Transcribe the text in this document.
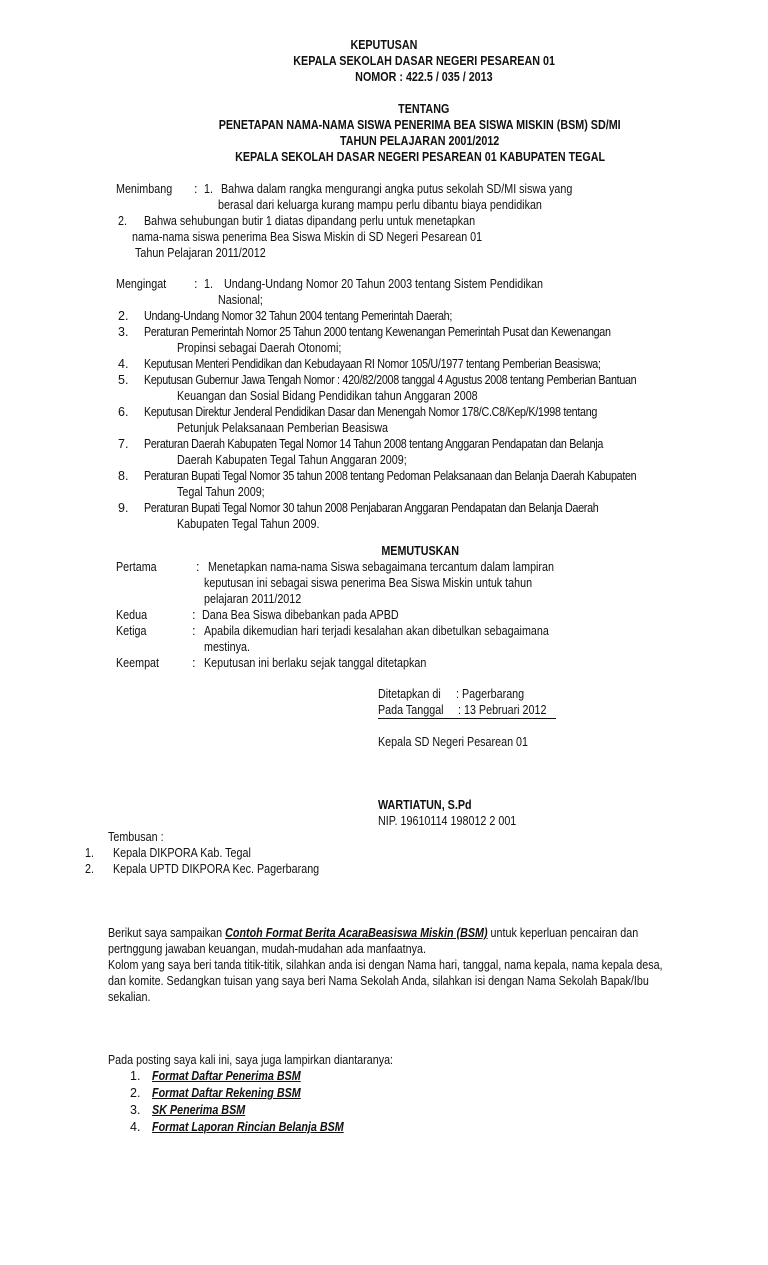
KEPUTUSAN
KEPALA SEKOLAH DASAR NEGERI PESAREAN 01
NOMOR : 422.5 / 035 / 2013
TENTANG
PENETAPAN NAMA-NAMA SISWA PENERIMA BEA SISWA MISKIN (BSM) SD/MI
TAHUN PELAJARAN 2001/2012
KEPALA SEKOLAH DASAR NEGERI PESAREAN 01 KABUPATEN TEGAL
Menimbang	: 1. Bahwa dalam rangka mengurangi angka putus sekolah SD/MI siswa yang
berasal dari keluarga kurang mampu perlu dibantu biaya pendidikan
2. Bahwa sehubungan butir 1 diatas dipandang perlu untuk menetapkan
nama-nama siswa penerima Bea Siswa Miskin di SD Negeri Pesarean 01
Tahun Pelajaran 2011/2012
Mengingat	: 1. Undang-Undang Nomor 20 Tahun 2003 tentang Sistem Pendidikan
Nasional;
2. Undang-Undang Nomor 32 Tahun 2004 tentang Pemerintah Daerah;
3. Peraturan Pemerintah Nomor 25 Tahun 2000 tentang Kewenangan Pemerintah Pusat dan Kewenangan
Propinsi sebagai Daerah Otonomi;
4. Keputusan Menteri Pendidikan dan Kebudayaan RI Nomor 105/U/1977 tentang Pemberian Beasiswa;
5. Keputusan Gubernur Jawa Tengah Nomor : 420/82/2008 tanggal 4 Agustus 2008 tentang Pemberian Bantuan
Keuangan dan Sosial Bidang Pendidikan tahun Anggaran 2008
6. Keputusan Direktur Jenderal Pendidikan Dasar dan Menengah Nomor 178/C.C8/Kep/K/1998 tentang
Petunjuk Pelaksanaan Pemberian Beasiswa
7. Peraturan Daerah Kabupaten Tegal Nomor 14 Tahun 2008 tentang Anggaran Pendapatan dan Belanja
Daerah Kabupaten Tegal Tahun Anggaran 2009;
8. Peraturan Bupati Tegal Nomor 35 tahun 2008 tentang Pedoman Pelaksanaan dan Belanja Daerah Kabupaten
Tegal Tahun 2009;
9. Peraturan Bupati Tegal Nomor 30 tahun 2008 Penjabaran Anggaran Pendapatan dan Belanja Daerah
Kabupaten Tegal Tahun 2009.
MEMUTUSKAN
Pertama	: Menetapkan nama-nama Siswa sebagaimana tercantum dalam lampiran
keputusan ini sebagai siswa penerima Bea Siswa Miskin untuk tahun
pelajaran 2011/2012
Kedua	: Dana Bea Siswa dibebankan pada APBD
Ketiga	: Apabila dikemudian hari terjadi kesalahan akan dibetulkan sebagaimana
mestinya.
Keempat	: Keputusan ini berlaku sejak tanggal ditetapkan
Ditetapkan di	: Pagerbarang
Pada Tanggal	: 13 Pebruari 2012
Kepala SD Negeri Pesarean 01
WARTIATUN, S.Pd
NIP. 19610114 198012 2 001
Tembusan :
1. Kepala DIKPORA Kab. Tegal
2. Kepala UPTD DIKPORA Kec. Pagerbarang
Berikut saya sampaikan Contoh Format Berita AcaraBeasiswa Miskin (BSM) untuk keperluan pencairan dan
pertnggung jawaban keuangan, mudah-mudahan ada manfaatnya.
Kolom yang saya beri tanda titik-titik, silahkan anda isi dengan Nama hari, tanggal, nama kepala, nama kepala desa,
dan komite. Sedangkan tuisan yang saya beri Nama Sekolah Anda, silahkan isi dengan Nama Sekolah Bapak/Ibu
sekalian.
Pada posting saya kali ini, saya juga lampirkan diantaranya:
1. Format Daftar Penerima BSM
2. Format Daftar Rekening BSM
3. SK Penerima BSM
4. Format Laporan Rincian Belanja BSM
